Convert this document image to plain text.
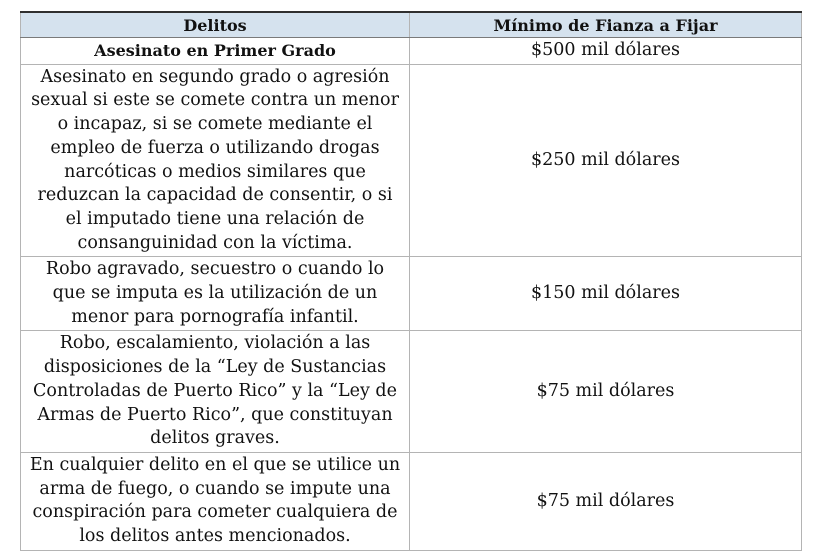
Delitos	Mínimo de Fianza a Fijar
Asesinato en Primer Grado	$500 mil dólares
Asesinato en segundo grado o agresión sexual si este se comete contra un menor o incapaz, si se comete mediante el empleo de fuerza o utilizando drogas narcóticas o medios similares que reduzcan la capacidad de consentir, o si el imputado tiene una relación de consanguinidad con la víctima.	$250 mil dólares
Robo agravado, secuestro o cuando lo que se imputa es la utilización de un menor para pornografía infantil.	$150 mil dólares
Robo, escalamiento, violación a las disposiciones de la “Ley de Sustancias Controladas de Puerto Rico” y la “Ley de Armas de Puerto Rico”, que constituyan delitos graves.	$75 mil dólares
En cualquier delito en el que se utilice un arma de fuego, o cuando se impute una conspiración para cometer cualquiera de los delitos antes mencionados.	$75 mil dólares
